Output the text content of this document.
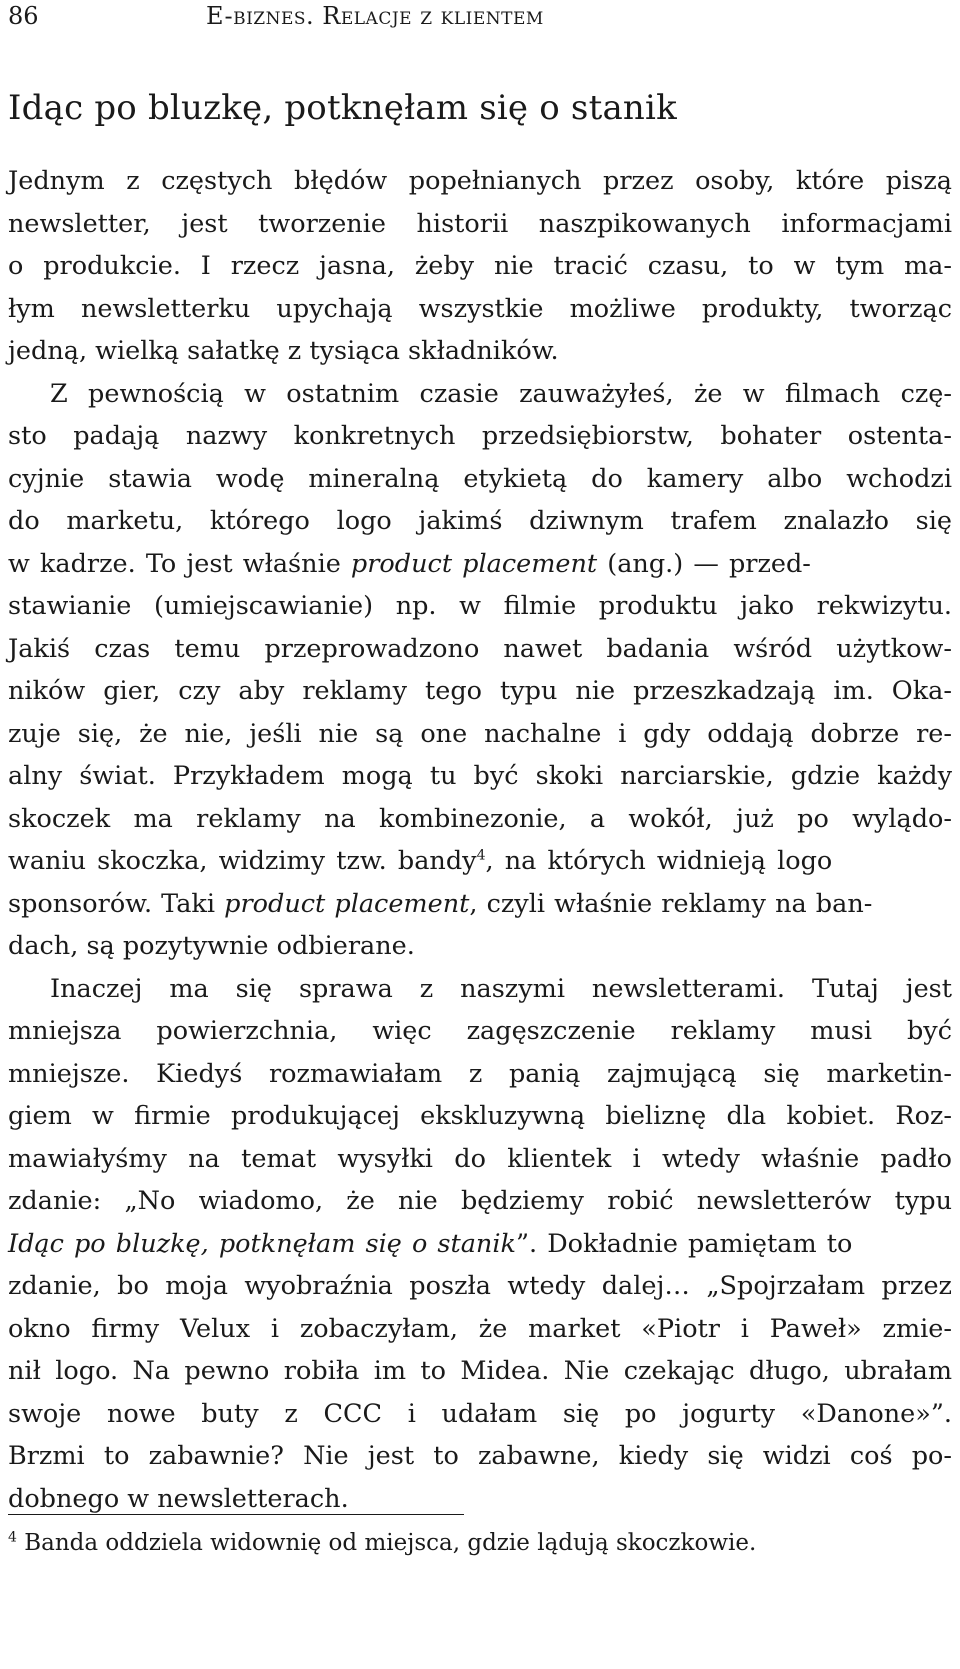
86	E-biznes. Relacje z klientem
Idąc po bluzkę, potknęłam się o stanik
Jednym z częstych błędów popełnianych przez osoby, które piszą
newsletter, jest tworzenie historii naszpikowanych informacjami
o produkcie. I rzecz jasna, żeby nie tracić czasu, to w tym ma-
łym newsletterku upychają wszystkie możliwe produkty, tworząc
jedną, wielką sałatkę z tysiąca składników.
Z pewnością w ostatnim czasie zauważyłeś, że w filmach czę-
sto padają nazwy konkretnych przedsiębiorstw, bohater ostenta-
cyjnie stawia wodę mineralną etykietą do kamery albo wchodzi
do marketu, którego logo jakimś dziwnym trafem znalazło się
w kadrze. To jest właśnie product placement (ang.) — przed-
stawianie (umiejscawianie) np. w filmie produktu jako rekwizytu.
Jakiś czas temu przeprowadzono nawet badania wśród użytkow-
ników gier, czy aby reklamy tego typu nie przeszkadzają im. Oka-
zuje się, że nie, jeśli nie są one nachalne i gdy oddają dobrze re-
alny świat. Przykładem mogą tu być skoki narciarskie, gdzie każdy
skoczek ma reklamy na kombinezonie, a wokół, już po wylądo-
waniu skoczka, widzimy tzw. bandy$^4$, na których widnieją logo
sponsorów. Taki product placement, czyli właśnie reklamy na ban-
dach, są pozytywnie odbierane.
Inaczej ma się sprawa z naszymi newsletterami. Tutaj jest
mniejsza powierzchnia, więc zagęszczenie reklamy musi być
mniejsze. Kiedyś rozmawiałam z panią zajmującą się marketin-
giem w firmie produkującej ekskluzywną bieliznę dla kobiet. Roz-
mawiałyśmy na temat wysyłki do klientek i wtedy właśnie padło
zdanie: „No wiadomo, że nie będziemy robić newsletterów typu
Idąc po bluzkę, potknęłam się o stanik”. Dokładnie pamiętam to
zdanie, bo moja wyobraźnia poszła wtedy dalej… „Spojrzałam przez
okno firmy Velux i zobaczyłam, że market «Piotr i Paweł» zmie-
nił logo. Na pewno robiła im to Midea. Nie czekając długo, ubrałam
swoje nowe buty z CCC i udałam się po jogurty «Danone»”.
Brzmi to zabawnie? Nie jest to zabawne, kiedy się widzi coś po-
dobnego w newsletterach.
$^4$ Banda oddziela widownię od miejsca, gdzie lądują skoczkowie.
